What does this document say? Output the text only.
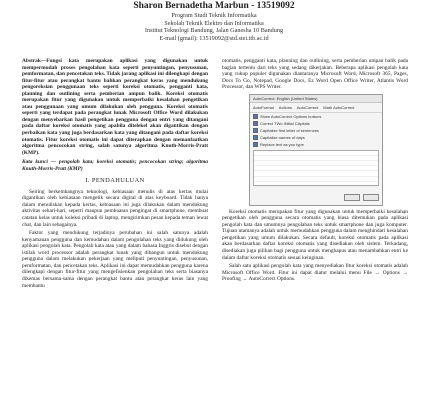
Sharon Bernadetha Marbun - 13519092
Program Studi Teknik Informatika
Sekolah Teknik Elektro dan Informatika
Institut Teknologi Bandung, Jalan Ganesha 10 Bandung
E-mail (gmail): 13519092@std.stei.itb.ac.id

Abstrak—Fungsi kata merupakan aplikasi yang digunakan untuk mempermudah proses pengolahan kata seperti penyuntingan, penyusunan, pemformatan, dan pencetakan teks. Tidak jarang aplikasi ini dilengkapi dengan fitur-fitur atau perangkat bantu bahkan perangkat keras yang mendukung pengoreksian penggunaan teks seperti koreksi otomatis, pengganti kata, planning dan outlining serta pemberian ampun balik. Koreksi otomatis merupakan fitur yang digunakan untuk memperbaiki kesalahan pengetikan atau penggunaan yang umum dilakukan oleh pengguna. Koreksi otomatis seperti yang terdapat pada perangkat lunak Microsoft Office Word dilakukan dengan menyebarkan hasil pengetikan pengguna dengan entri yang ditangani pada daftar koreksi otomatis yang apabila ditelekel akan digantikan dengan perbaikan kata yang juga berdasarkan kata yang ditangani pada daftar koreksi otomatis. Fitur koreksi otomatis ini dapat diterapkan dengan memanfaatkan algoritma pencocokan string, salah satunya algoritma Knuth-Morris-Pratt (KMP).

Kata kunci — pengolah kata; koreksi otomatis; pencocokan string; algoritma Knuth-Morris-Pratt (KMP)

I. PENDAHULUAN

Seiring berkembangnya teknologi, kebiasaan menulis di atas kertas mulai digantikan oleh kebiasaan mengetik secara digital di atas keyboard. Tidak hanya dalam menuliskan kepada kertas, kebiasaan ini juga dilakukan dalam mendukung aktivitas sehari-hari, seperti maupun pembuatan pengingat di smartphone, membuat catatan kelas untuk koleksi pribadi di laptop, mengirimkan pesan kepada teman lewat chat, dan lain sebagainya.

Faktor yang mendukung terjadinya perubahan ini salah satunya adalah kenyamanan pengguna dan kemudahan dalam pengolahan teks yang didukung oleh aplikasi pengolah kata. Pengolah kata atau yang dalam bahasa Inggris disebut dengan istilah word processor adalah perangkat lunak yang dibangun untuk mendukung pengguna dalam melakukan pekerjaan yang meliputi penyuntingan, penyusunan, pemformatan, dan pencetakan teks. Aplikasi ini dapat memudahkan pengguna karena dilengkapi dengan fitur-fitur yang mengefisienkan pengolahan teks serta biasanya dikemas bersama-sama dengan perangkat bantu atau perangkat keras lain yang membantu

otomatis, pengganti kata, planning dan outlining, serta pemberian umpan balik pada bagian tertentu dari teks yang sedang dikerjakan. Beberapa aplikasi pengolah kata yang cukup populer digunakan diantaranya Microsoft Word, Microsoft 365, Pages, Docs To Go, Notepad, Google Docs, Ez Word Open Office Writer, Atlantis Word Processor, dan WPS Writer.

AutoCorrect: English (United States)
AutoFormat Actions AutoCorrect Math AutoCorrect
Show AutoCorrect Options buttons
Correct TWo INitial CApitals
Capitalize first letter of sentences
Capitalize names of days
Replace text as you type

Koreksi otomatis merupakan fitur yang digunakan untuk memperbaiki kesalahan pengetikan oleh pengguna secara otomatis yang biasa ditemukan pada aplikasi pengolah kata dan umumnya pengolahan teks untuk smartphone dan juga komputer. Tujuan utamanya adalah untuk memudahkan pengguna dalam menghindari kesalahan pengetikan yang umum dilakukan. Secara default, koreksi otomatis pada aplikasi akan berdasarkan daftar koreksi otomatis yang disediakan oleh sistem. Terkadang, disediakan juga pilihan bagi pengguna untuk menghapus atau menambahkan entri ke dalam daftar koreksi otomatis sesuai keinginan.

Salah satu aplikasi pengolah kata yang menyediakan fitur koreksi otomatis adalah Microsoft Office Word. Fitur ini dapat diatur melalui menu File → Options → Proofing → AutoCorrect Options.
